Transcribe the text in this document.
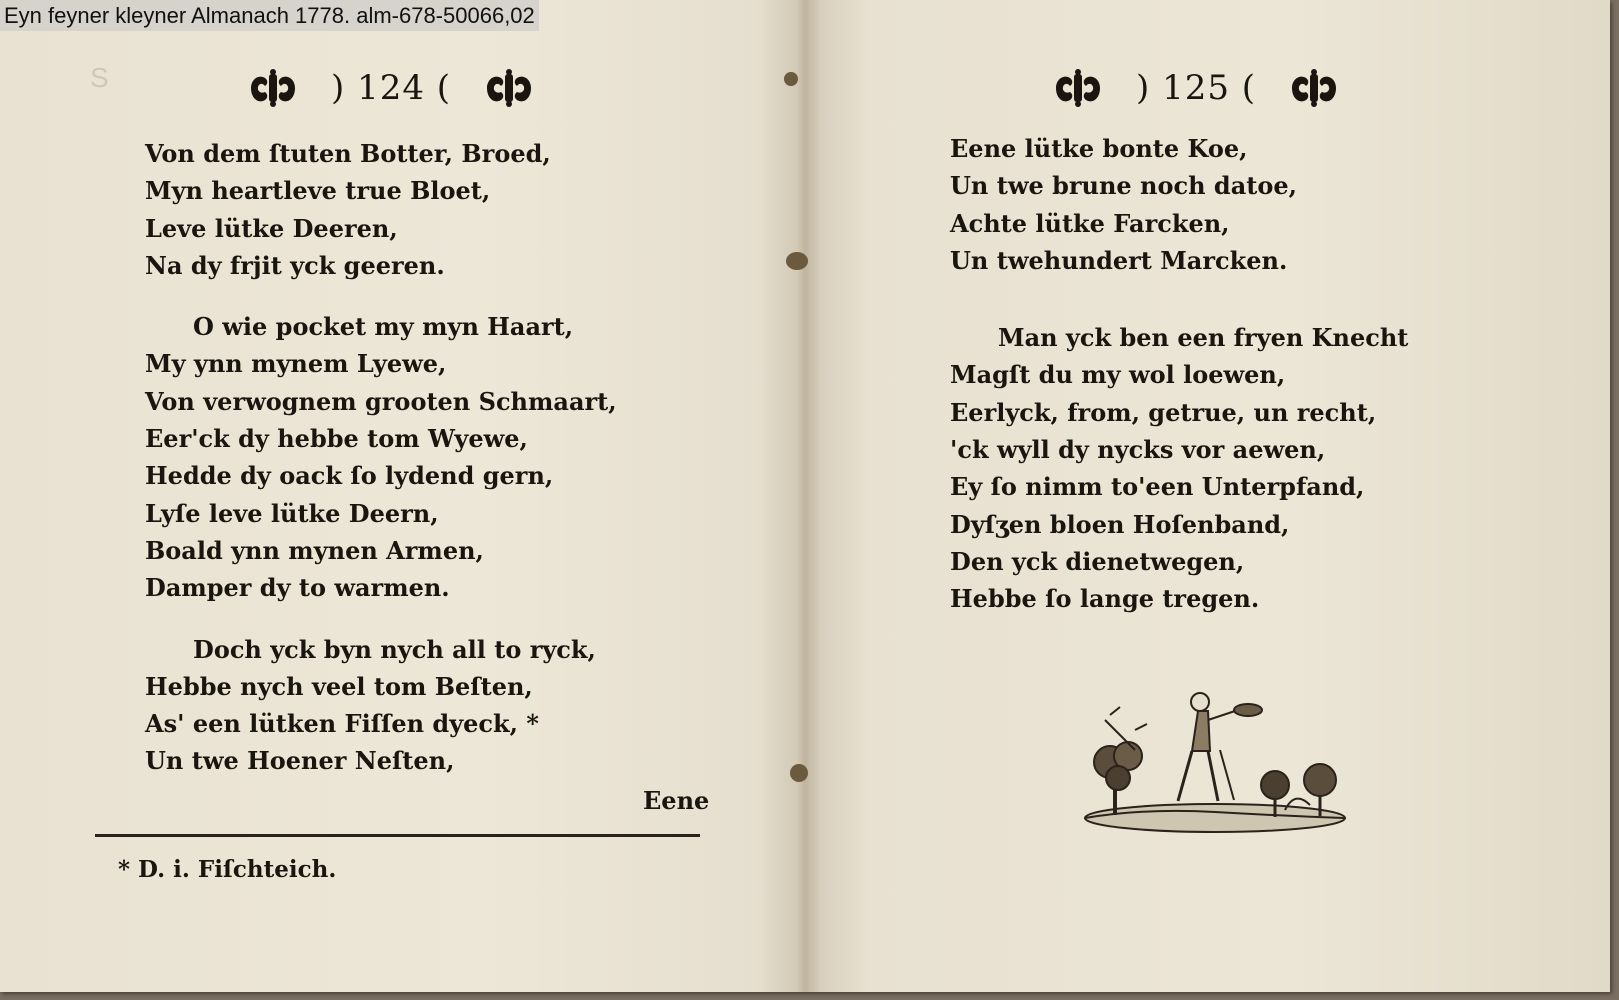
Eyn feyner kleyner Almanach 1778. alm-678-50066,02
S	) 124 (
Von dem ſtuten Botter, Broed,
Myn heartleve true Bloet,
Leve lütke Deeren,
Na dy frjit yck geeren.
O wie pocket my myn Haart,
My ynn mynem Lyewe,
Von verwognem grooten Schmaart,
Eer'ck dy hebbe tom Wyewe,
Hedde dy oack ſo lydend gern,
Lyſe leve lütke Deern,
Boald ynn mynen Armen,
Damper dy to warmen.
Doch yck byn nych all to ryck,
Hebbe nych veel tom Beſten,
As' een lütken Fiſſen dyeck, *
Un twe Hoener Neſten,
Eene
* D. i. Fiſchteich.
) 125 (
Eene lütke bonte Koe,
Un twe brune noch datoe,
Achte lütke Farcken,
Un twehundert Marcken.
Man yck ben een fryen Knecht
Magſt du my wol loewen,
Eerlyck, from, getrue, un recht,
'ck wyll dy nycks vor aewen,
Ey ſo nimm to'een Unterpfand,
Dyſʒen bloen Hoſenband,
Den yck dienetwegen,
Hebbe ſo lange tregen.
